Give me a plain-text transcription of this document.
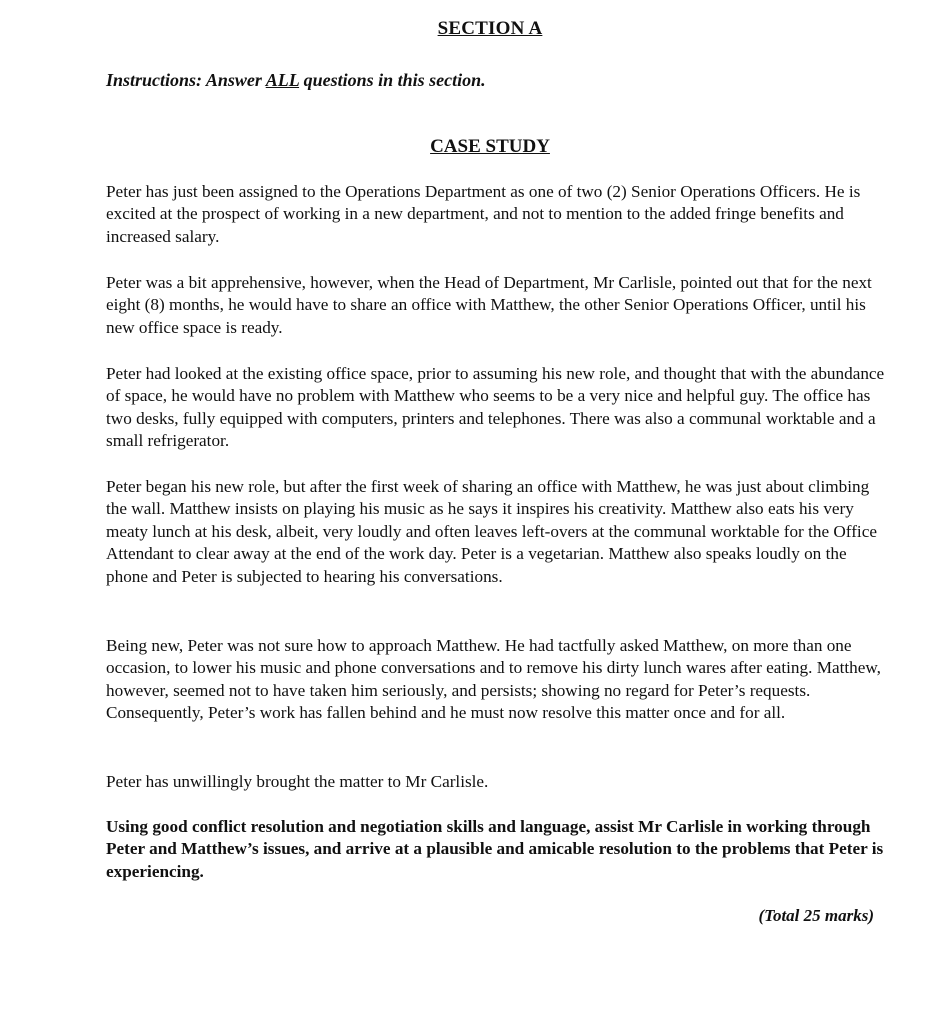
SECTION A
Instructions: Answer ALL questions in this section.
CASE STUDY

Peter has just been assigned to the Operations Department as one of two (2) Senior Operations Officers. He is excited at the prospect of working in a new department, and not to mention to the added fringe benefits and increased salary.

Peter was a bit apprehensive, however, when the Head of Department, Mr Carlisle, pointed out that for the next eight (8) months, he would have to share an office with Matthew, the other Senior Operations Officer, until his new office space is ready.

Peter had looked at the existing office space, prior to assuming his new role, and thought that with the abundance of space, he would have no problem with Matthew who seems to be a very nice and helpful guy. The office has two desks, fully equipped with computers, printers and telephones. There was also a communal worktable and a small refrigerator.

Peter began his new role, but after the first week of sharing an office with Matthew, he was just about climbing the wall. Matthew insists on playing his music as he says it inspires his creativity. Matthew also eats his very meaty lunch at his desk, albeit, very loudly and often leaves left-overs at the communal worktable for the Office Attendant to clear away at the end of the work day. Peter is a vegetarian. Matthew also speaks loudly on the phone and Peter is subjected to hearing his conversations.

Being new, Peter was not sure how to approach Matthew. He had tactfully asked Matthew, on more than one occasion, to lower his music and phone conversations and to remove his dirty lunch wares after eating. Matthew, however, seemed not to have taken him seriously, and persists; showing no regard for Peter’s requests. Consequently, Peter’s work has fallen behind and he must now resolve this matter once and for all.

Peter has unwillingly brought the matter to Mr Carlisle.

Using good conflict resolution and negotiation skills and language, assist Mr Carlisle in working through Peter and Matthew’s issues, and arrive at a plausible and amicable resolution to the problems that Peter is experiencing.
(Total 25 marks)
